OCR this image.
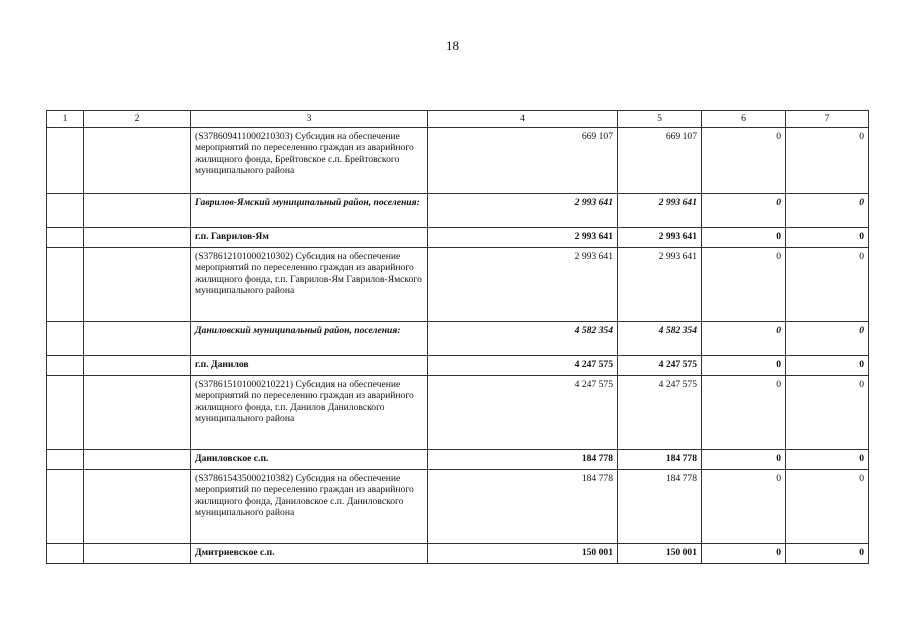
18
1	2	3	4	5	6	7
		(S378609411000210303) Субсидия на обеспечение мероприятий по переселению граждан из аварийного жилищного фонда, Брейтовское с.п. Брейтовского муниципального района	669 107	669 107	0	0
		Гаврилов-Ямский муниципальный район, поселения:	2 993 641	2 993 641	0	0
		г.п. Гаврилов-Ям	2 993 641	2 993 641	0	0
		(S378612101000210302) Субсидия на обеспечение мероприятий по переселению граждан из аварийного жилищного фонда, г.п. Гаврилов-Ям Гаврилов-Ямского муниципального района	2 993 641	2 993 641	0	0
		Даниловский муниципальный район, поселения:	4 582 354	4 582 354	0	0
		г.п. Данилов	4 247 575	4 247 575	0	0
		(S378615101000210221) Субсидия на обеспечение мероприятий по переселению граждан из аварийного жилищного фонда, г.п. Данилов Даниловского муниципального района	4 247 575	4 247 575	0	0
		Даниловское с.п.	184 778	184 778	0	0
		(S378615435000210382) Субсидия на обеспечение мероприятий по переселению граждан из аварийного жилищного фонда, Даниловское с.п. Даниловского муниципального района	184 778	184 778	0	0
		Дмитриевское с.п.	150 001	150 001	0	0
